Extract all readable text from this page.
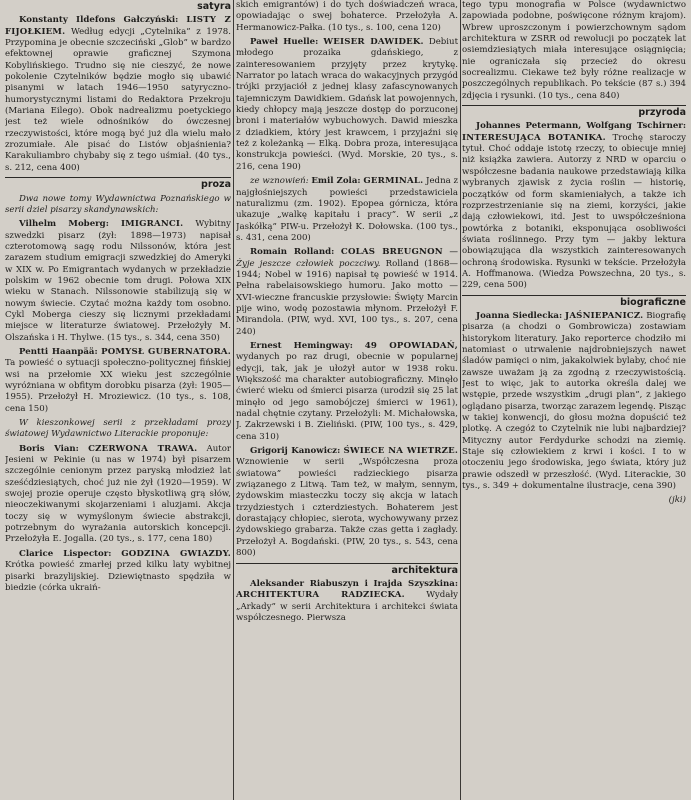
satyra

Konstanty Ildefons Gałczyński: LISTY Z FIJOŁKIEM. Według edycji „Cytelnika” z 1978. Przypomina je obecnie szczeciński „Glob” w bardzo efektownej oprawie graficznej Szymona Kobylińskiego. Trudno się nie cieszyć, że nowe pokolenie Czytelników będzie mogło się ubawić pisanymi w latach 1946—1950 satyryczno-humorystycznymi listami do Redaktora Przekroju (Mariana Eilego). Obok nadrealizmu poetyckiego jest też wiele odnośników do ówczesnej rzeczywistości, które mogą być już dla wielu mało zrozumiałe. Ale pisać do Listów objaśnienia? Karakuliambro chybaby się z tego uśmiał. (40 tys., s. 212, cena 400)

proza

Dwa nowe tomy Wydawnictwa Poznańskiego w serii dziel pisarzy skandynawskich:

Vilhelm Moberg: IMIGRANCI. Wybitny szwedzki pisarz (żył: 1898—1973) napisał czterotomową sagę rodu Nilssonów, która jest zarazem studium emigracji szwedzkiej do Ameryki w XIX w. Po Emigrantach wydanych w przekładzie polskim w 1962 obecnie tom drugi. Połowa XIX wieku w Stanach. Nilssonowie stabilizują się w nowym świecie. Czytać można każdy tom osobno. Cykl Moberga cieszy się licznymi przekładami miejsce w literaturze światowej. Przełożyły M. Olszańska i H. Thylwe. (15 tys., s. 344, cena 350)

Pentti Haanpää: POMYSŁ GUBERNATORA. Ta powieść o sytuacji społeczno-politycznej fińskiej wsi na przełomie XX wieku jest szczególnie wyróżniana w obfitym dorobku pisarza (żył: 1905—1955). Przełożył H. Mroziewicz. (10 tys., s. 108, cena 150)

W kieszonkowej serii z przekładami prozy światowej Wydawnictwo Literackie proponuje:

Boris Vian: CZERWONA TRAWA. Autor Jesieni w Pekinie (u nas w 1974) był pisarzem szczególnie cenionym przez paryską młodzież lat sześćdziesiątych, choć już nie żył (1920—1959). W swojej prozie operuje często błyskotliwą grą słów, nieoczekiwanymi skojarzeniami i aluzjami. Akcja toczy się w wymyślonym świecie abstrakcji, potrzebnym do wyrażania autorskich koncepcji. Przełożyła E. Jogalla. (20 tys., s. 177, cena 180)

Clarice Lispector: GODZINA GWIAZDY. Krótka powieść zmarłej przed kilku laty wybitnej pisarki brazylijskiej. Dziewiętnasto spędziła w biedzie (córka ukraiń-

skich emigrantów) i do tych doświadczeń wraca, opowiadając o swej bohaterce. Przełożyła A. Hermanowicz-Pałka. (10 tys., s. 100, cena 120)

Paweł Huelle: WEISER DAWIDEK. Debiut młodego prozaika gdańskiego, z zainteresowaniem przyjęty przez krytykę. Narrator po latach wraca do wakacyjnych przygód trójki przyjaciół z jednej klasy zafascynowanych tajemniczym Dawidkiem. Gdańsk lat powojennych, kiedy chłopcy mają jeszcze dostęp do porzuconej broni i materiałów wybuchowych. Dawid mieszka z dziadkiem, który jest krawcem, i przyjaźni się też z koleżanką — Elką. Dobra proza, interesująca konstrukcja powieści. (Wyd. Morskie, 20 tys., s. 216, cena 190)

ze wznowień: Emil Zola: GERMINAL. Jedna z najgłośniejszych powieści przedstawiciela naturalizmu (zm. 1902). Epopea górnicza, która ukazuje „walkę kapitału i pracy”. W serii „z Jaskółką” PIW-u. Przełożył K. Dołowska. (100 tys., s. 431, cena 200)

Romain Rolland: COLAS BREUGNON — Żyje jeszcze człowiek poczciwy. Rolland (1868—1944; Nobel w 1916) napisał tę powieść w 1914. Pełna rabelaisowskiego humoru. Jako motto — XVI-wieczne francuskie przysłowie: Święty Marcin pije wino, wodę pozostawia młynom. Przełożył F. Mirandola. (PIW, wyd. XVI, 100 tys., s. 207, cena 240)

Ernest Hemingway: 49 OPOWIADAŃ, wydanych po raz drugi, obecnie w popularnej edycji, tak, jak je ułożył autor w 1938 roku. Większość ma charakter autobiograficzny. Minęło ćwierć wieku od śmierci pisarza (urodził się 25 lat minęło od jego samobójczej śmierci w 1961), nadal chętnie czytany. Przełożyli: M. Michałowska, J. Zakrzewski i B. Zieliński. (PIW, 100 tys., s. 429, cena 310)

Grigorij Kanowicz: ŚWIECE NA WIETRZE. Wznowienie w serii „Współczesna proza światowa” powieści radzieckiego pisarza związanego z Litwą. Tam też, w małym, sennym, żydowskim miasteczku toczy się akcja w latach trzydziestych i czterdziestych. Bohaterem jest dorastający chłopiec, sierota, wychowywany przez żydowskiego grabarza. Także czas getta i zagłady. Przełożył A. Bogdański. (PIW, 20 tys., s. 543, cena 800)

architektura

Aleksander Riabuszyn i Irajda Szyszkina: ARCHITEKTURA RADZIECKA. Wydały „Arkady” w serii Architektura i architekci świata współczesnego. Pierwsza

tego typu monografia w Polsce (wydawnictwo zapowiada podobne, poświęcone różnym krajom). Wbrew uproszczonym i powierzchownym sądom architektura w ZSRR od rewolucji po początek lat osiemdziesiątych miała interesujące osiągnięcia; nie ograniczała się przecież do okresu socrealizmu. Ciekawe też były różne realizacje w poszczególnych republikach. Po tekście (87 s.) 394 zdjęcia i rysunki. (10 tys., cena 840)

przyroda

Johannes Petermann, Wolfgang Tschirner: INTERESUJĄCA BOTANIKA. Trochę staroczy tytuł. Choć oddaje istotę rzeczy, to obiecuje mniej niż książka zawiera. Autorzy z NRD w oparciu o współczesne badania naukowe przedstawiają kilka wybranych zjawisk z życia roślin — historię, początków od form skamieniałych, a także ich rozprzestrzenianie się na ziemi, korzyści, jakie dają człowiekowi, itd. Jest to uwspółcześniona powtórka z botaniki, eksponująca osobliwości świata roślinnego. Przy tym — jakby lektura obowiązująca dla wszystkich zainteresowanych ochroną środowiska. Rysunki w tekście. Przełożyła A. Hoffmanowa. (Wiedza Powszechna, 20 tys., s. 229, cena 500)

biograficzne

Joanna Siedlecka: JAŚNIEPANICZ. Biografię pisarza (a chodzi o Gombrowicza) zostawiam historykom literatury. Jako reporterce chodziło mi natomiast o utrwalenie najdrobniejszych nawet śladów pamięci o nim, jakakolwiek bylaby, choć nie zawsze uważam ją za zgodną z rzeczywistością. Jest to więc, jak to autorka określa dalej we wstępie, przede wszystkim „drugi plan”, z jakiego oglądano pisarza, tworząc zarazem legendę. Pisząc w takiej konwencji, do głosu można dopuścić też plotkę. A czegóż to Czytelnik nie lubi najbardziej? Mityczny autor Ferdydurke schodzi na ziemię. Staje się człowiekiem z krwi i kości. I to w otoczeniu jego środowiska, jego świata, który już prawie odszedł w przeszłość. (Wyd. Literackie, 30 tys., s. 349 + dokumentalne ilustracje, cena 390)

(jki)
